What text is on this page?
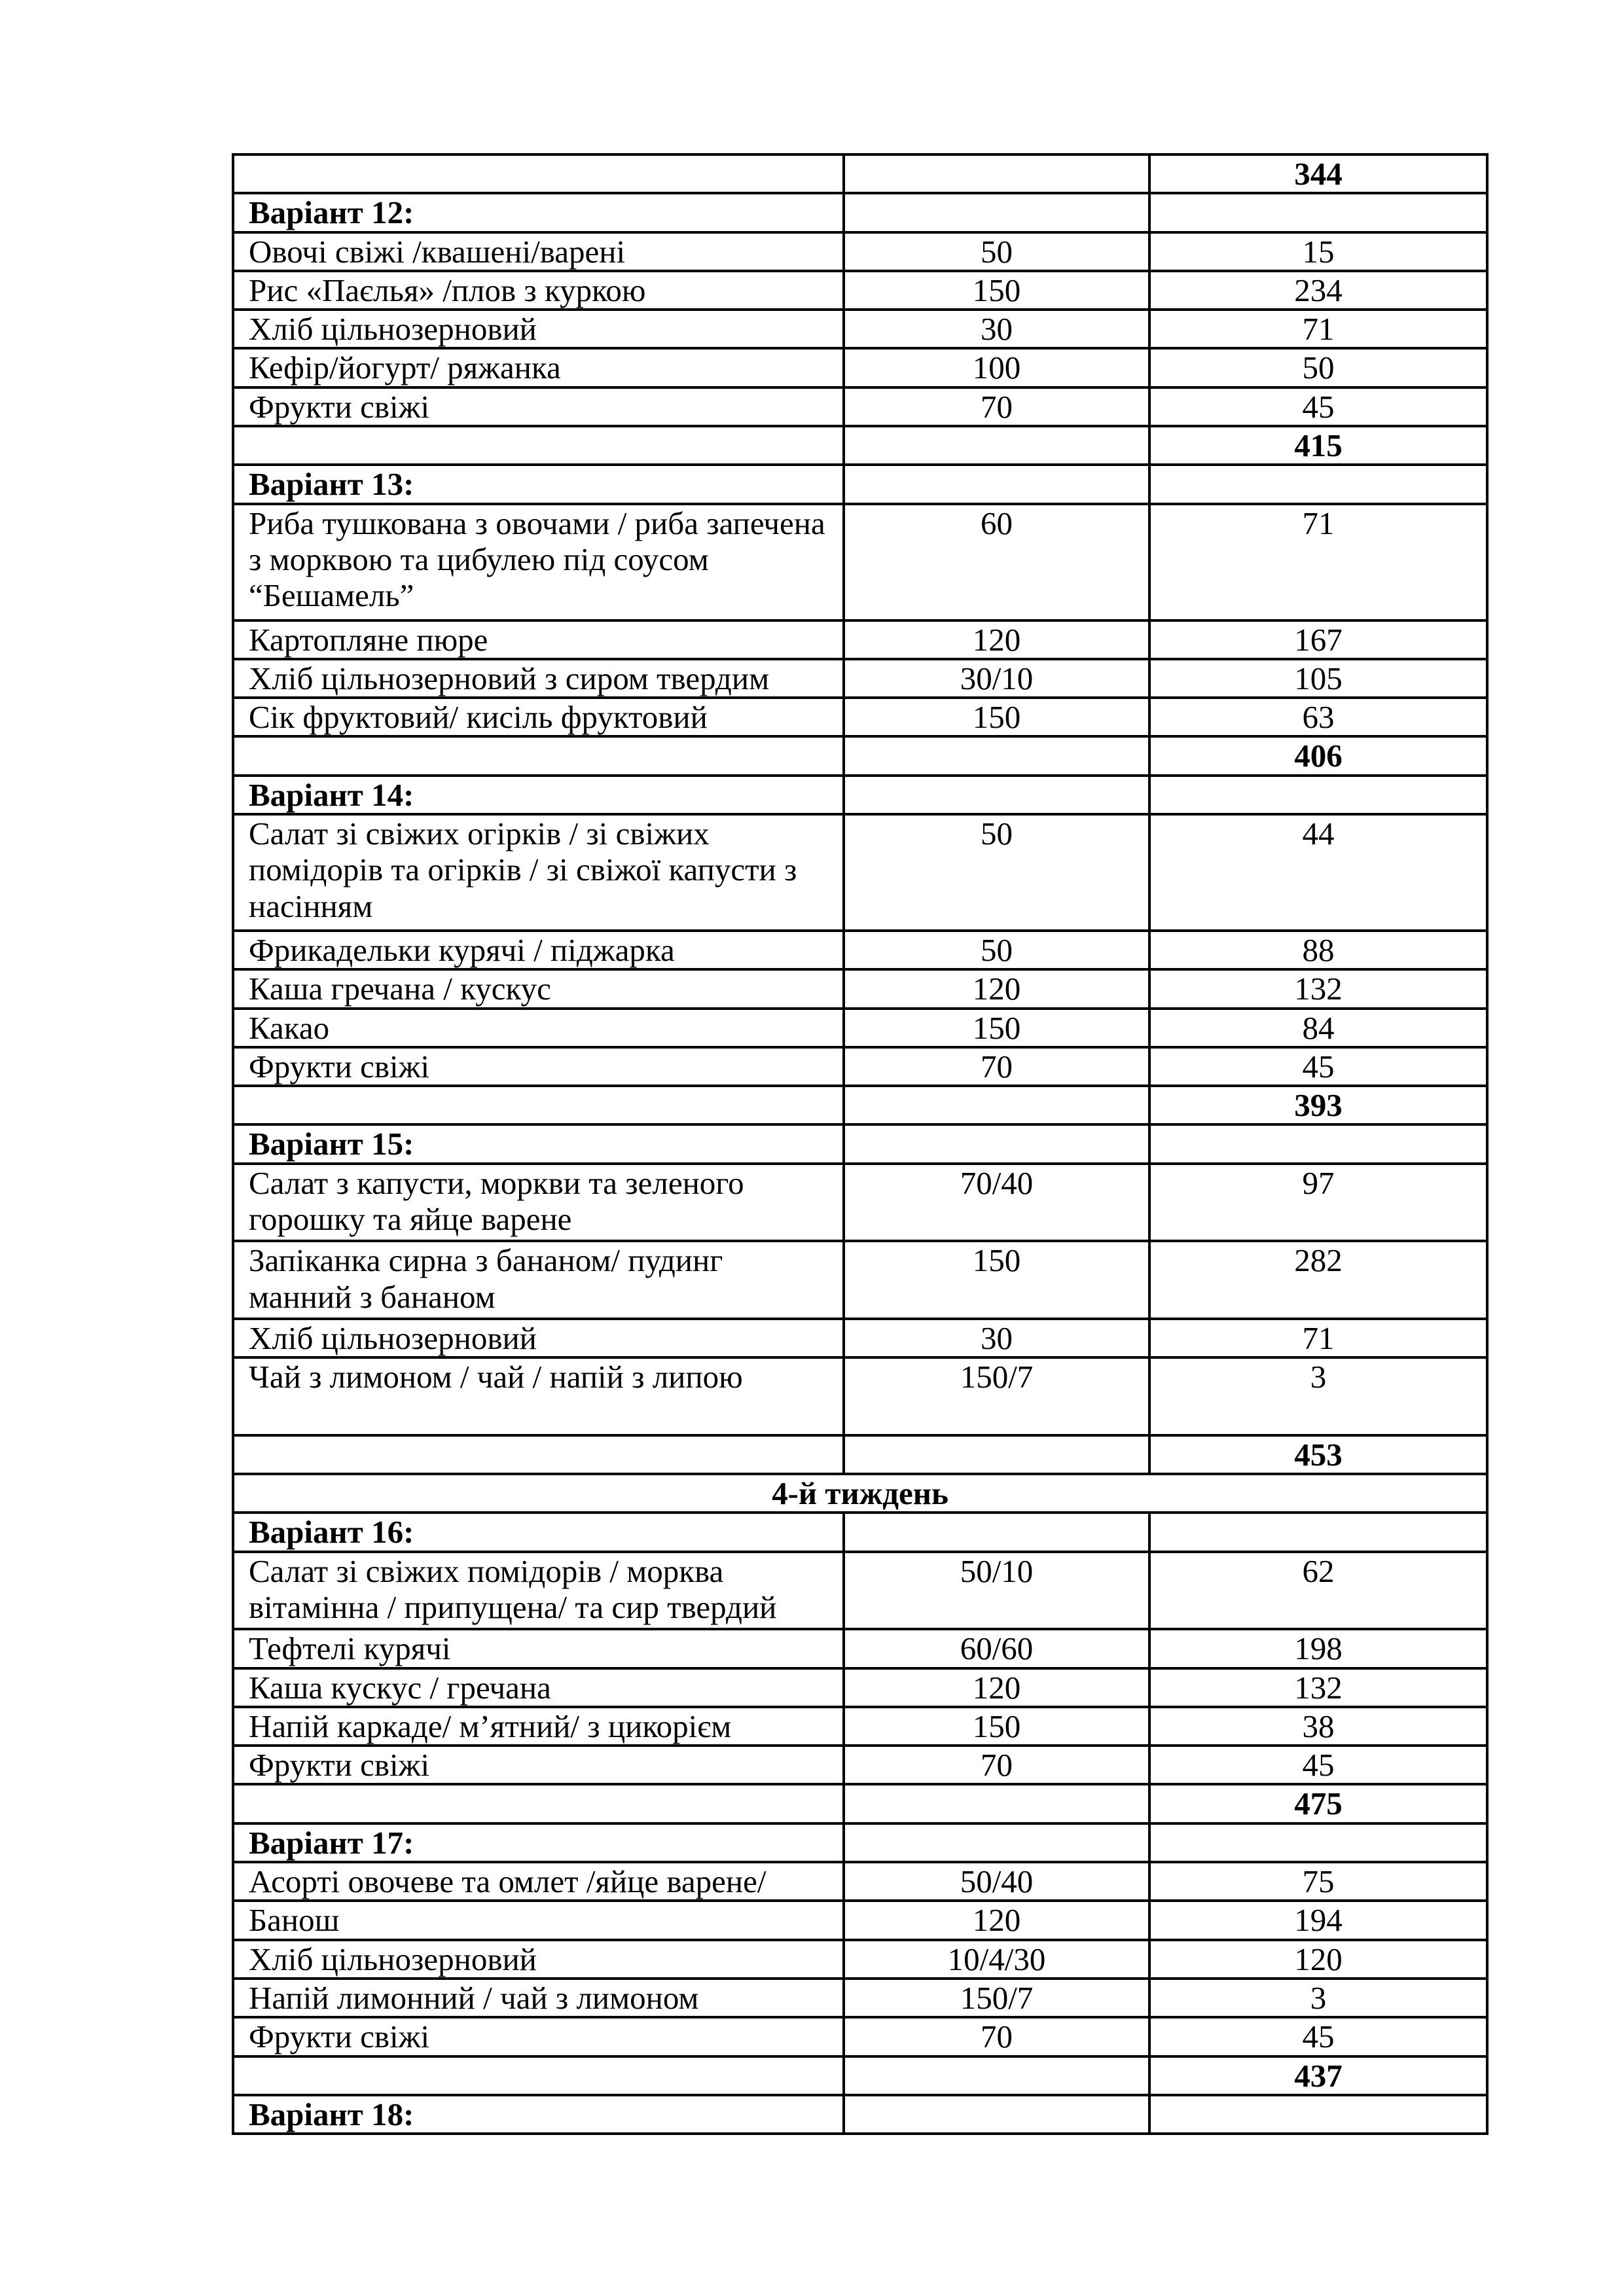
		344
Варіант 12:		
Овочі свіжі /квашені/варені	50	15
Рис «Паєлья» /плов з куркою	150	234
Хліб цільнозерновий	30	71
Кефір/йогурт/ ряжанка	100	50
Фрукти свіжі	70	45
		415
Варіант 13:		
Риба тушкована з овочами / риба запечена з морквою та цибулею під соусом “Бешамель”	60	71
Картопляне пюре	120	167
Хліб цільнозерновий з сиром твердим	30/10	105
Сік фруктовий/ кисіль фруктовий	150	63
		406
Варіант 14:		
Салат зі свіжих огірків / зі свіжих помідорів та огірків / зі свіжої капусти з насінням	50	44
Фрикадельки курячі / піджарка	50	88
Каша гречана / кускус	120	132
Какао	150	84
Фрукти свіжі	70	45
		393
Варіант 15:		
Салат з капусти, моркви та зеленого горошку та яйце варене	70/40	97
Запіканка сирна з бананом/ пудинг манний з бананом	150	282
Хліб цільнозерновий	30	71
Чай з лимоном / чай / напій з липою	150/7	3
		453
4-й тиждень		
Варіант 16:		
Салат зі свіжих помідорів / морква вітамінна / припущена/ та сир твердий	50/10	62
Тефтелі курячі	60/60	198
Каша кускус / гречана	120	132
Напій каркаде/ м’ятний/ з цикорієм	150	38
Фрукти свіжі	70	45
		475
Варіант 17:		
Асорті овочеве та омлет /яйце варене/	50/40	75
Банош	120	194
Хліб цільнозерновий	10/4/30	120
Напій лимонний / чай з лимоном	150/7	3
Фрукти свіжі	70	45
		437
Варіант 18:		
